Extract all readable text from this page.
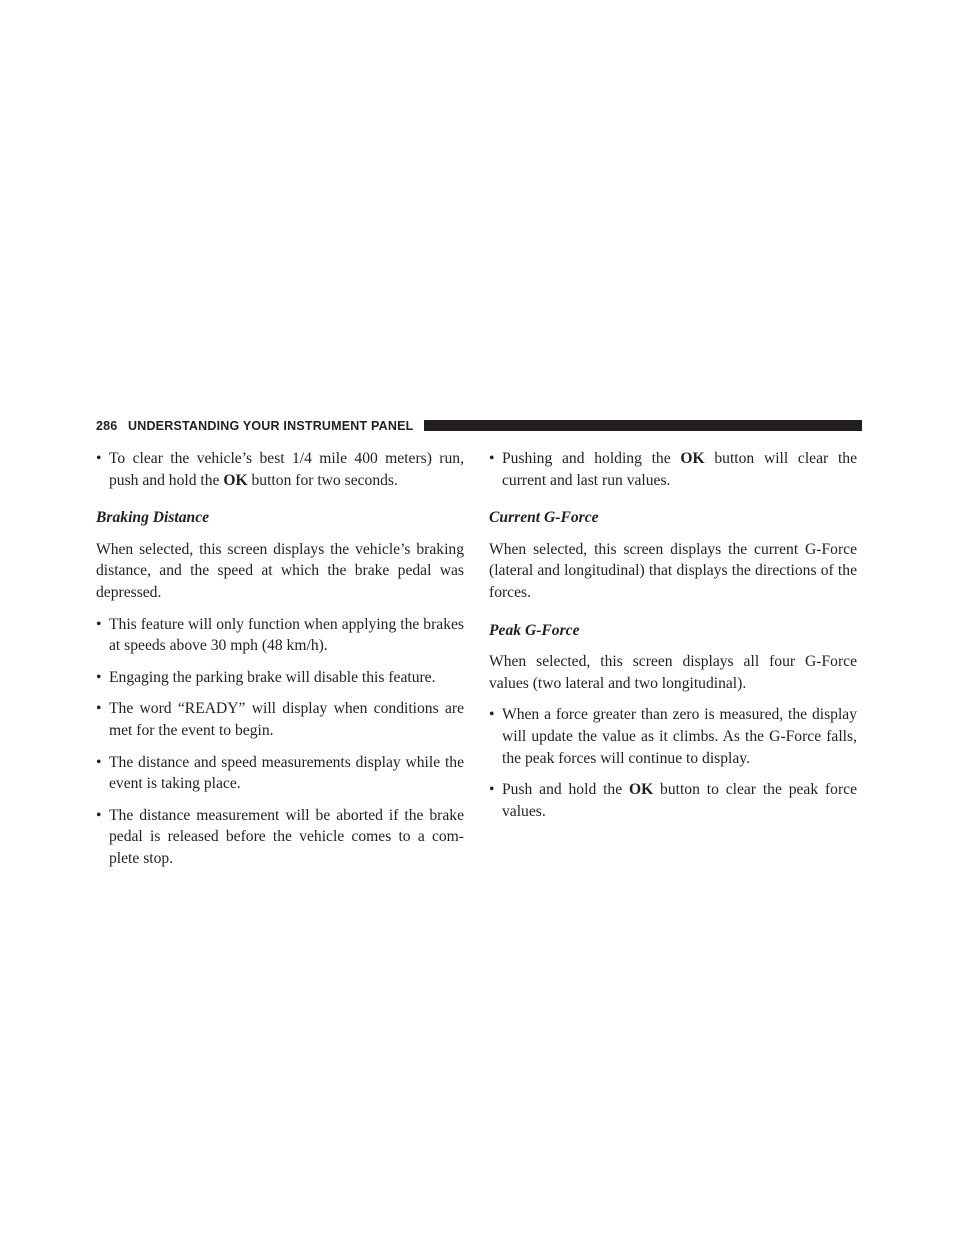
286 UNDERSTANDING YOUR INSTRUMENT PANEL

• To clear the vehicle’s best 1/4 mile 400 meters) run, push and hold the OK button for two seconds.

Braking Distance

When selected, this screen displays the vehicle’s braking distance, and the speed at which the brake pedal was depressed.

• This feature will only function when applying the brakes at speeds above 30 mph (48 km/h).

• Engaging the parking brake will disable this feature.

• The word “READY” will display when conditions are met for the event to begin.

• The distance and speed measurements display while the event is taking place.

• The distance measurement will be aborted if the brake pedal is released before the vehicle comes to a com- plete stop.

• Pushing and holding the OK button will clear the current and last run values.

Current G-Force

When selected, this screen displays the current G-Force (lateral and longitudinal) that displays the directions of the forces.

Peak G-Force

When selected, this screen displays all four G-Force values (two lateral and two longitudinal).

• When a force greater than zero is measured, the display will update the value as it climbs. As the G-Force falls, the peak forces will continue to display.

• Push and hold the OK button to clear the peak force values.
